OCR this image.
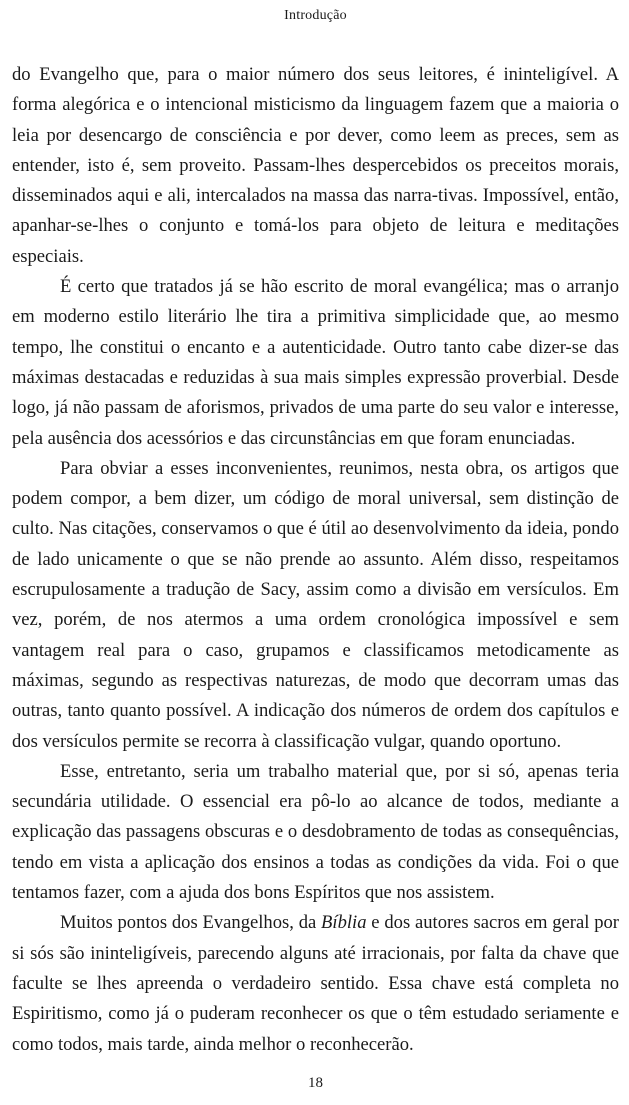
Introdução

do Evangelho que, para o maior número dos seus leitores, é ininteligível. A forma alegórica e o intencional misticismo da linguagem fazem que a maioria o leia por desencargo de consciência e por dever, como leem as preces, sem as entender, isto é, sem proveito. Passam-lhes despercebidos os preceitos morais, disseminados aqui e ali, intercalados na massa das narra-tivas. Impossível, então, apanhar-se-lhes o conjunto e tomá-los para objeto de leitura e meditações especiais.

É certo que tratados já se hão escrito de moral evangélica; mas o arranjo em moderno estilo literário lhe tira a primitiva simplicidade que, ao mesmo tempo, lhe constitui o encanto e a autenticidade. Outro tanto cabe dizer-se das máximas destacadas e reduzidas à sua mais simples expressão proverbial. Desde logo, já não passam de aforismos, privados de uma parte do seu valor e interesse, pela ausência dos acessórios e das circunstâncias em que foram enunciadas.

Para obviar a esses inconvenientes, reunimos, nesta obra, os artigos que podem compor, a bem dizer, um código de moral universal, sem distinção de culto. Nas citações, conservamos o que é útil ao desenvolvimento da ideia, pondo de lado unicamente o que se não prende ao assunto. Além disso, respeitamos escrupulosamente a tradução de Sacy, assim como a divisão em versículos. Em vez, porém, de nos atermos a uma ordem cronológica impossível e sem vantagem real para o caso, grupamos e classificamos metodicamente as máximas, segundo as respectivas naturezas, de modo que decorram umas das outras, tanto quanto possível. A indicação dos números de ordem dos capítulos e dos versículos permite se recorra à classificação vulgar, quando oportuno.

Esse, entretanto, seria um trabalho material que, por si só, apenas teria secundária utilidade. O essencial era pô-lo ao alcance de todos, mediante a explicação das passagens obscuras e o desdobramento de todas as consequências, tendo em vista a aplicação dos ensinos a todas as condições da vida. Foi o que tentamos fazer, com a ajuda dos bons Espíritos que nos assistem.

Muitos pontos dos Evangelhos, da Bíblia e dos autores sacros em geral por si sós são ininteligíveis, parecendo alguns até irracionais, por falta da chave que faculte se lhes apreenda o verdadeiro sentido. Essa chave está completa no Espiritismo, como já o puderam reconhecer os que o têm estudado seriamente e como todos, mais tarde, ainda melhor o reconhecerão.

18
